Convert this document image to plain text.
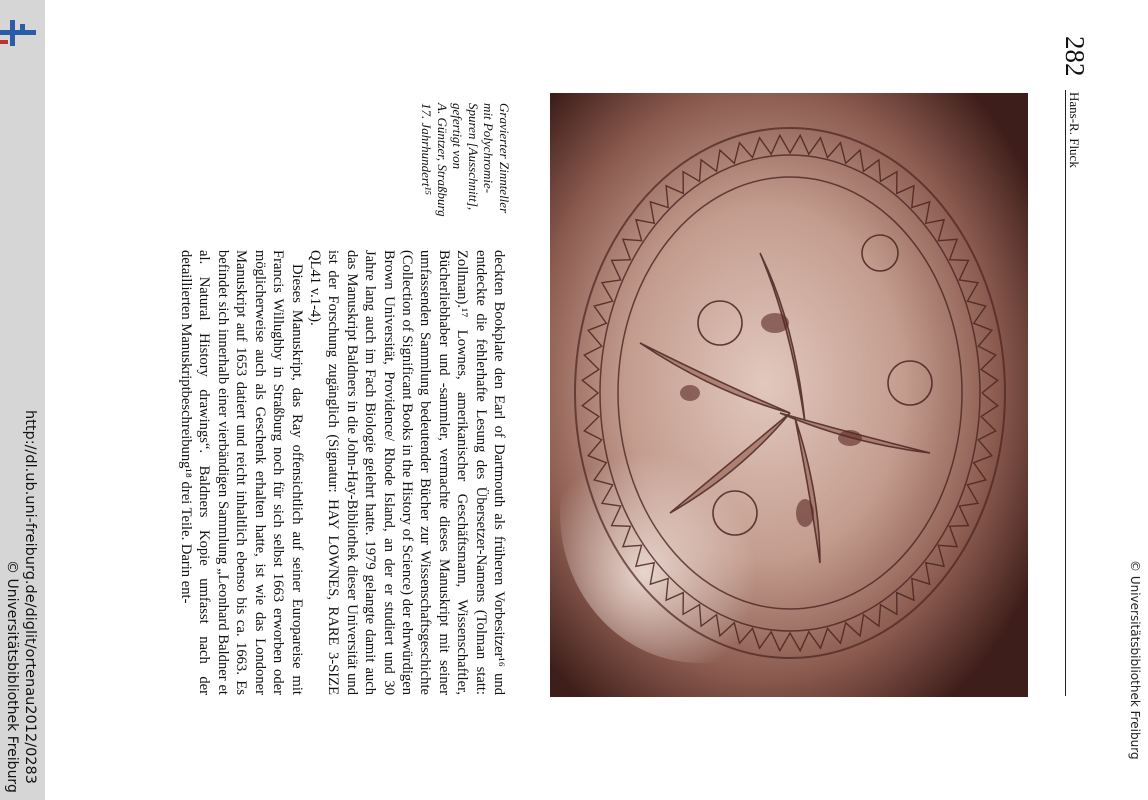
http://dl.ub.uni-freiburg.de/diglit/ortenau2012/0283
© Universitätsbibliothek Freiburg	© Universitätsbibliothek Freiburg
282
Hans-R. Fluck
Gravierter Zinnteller
mit Polychromie-
Spuren [Ausschnitt],
gefertigt von
A. Güntzer, Straßburg
17. Jahrhundert¹⁵

deckten Bookplate den Earl of Dartmouth als früheren Vorbesitzer¹⁶ und entdeckte die fehlerhafte Lesung des Übersetzer-Namens (Tolman statt: Zollman).¹⁷ Lownes, amerikanischer Geschäftsmann, Wissenschaftler, Bücherliebhaber und -sammler, vermachte dieses Manuskript mit seiner umfassenden Sammlung bedeutender Bücher zur Wissenschaftsgeschichte (Collection of Significant Books in the History of Science) der ehrwürdigen Brown Universität, Providence/ Rhode Island, an der er studiert und 30 Jahre lang auch im Fach Biologie gelehrt hatte. 1979 gelangte damit auch das Manuskript Baldners in die John-Hay-Bibliothek dieser Universität und ist der Forschung zugänglich (Signatur: HAY LOWNES, RARE 3-SIZE QL41 v.1-4).

Dieses Manuskript, das Ray offensichtlich auf seiner Europareise mit Francis Willughby in Straßburg noch für sich selbst 1663 erworben oder möglicherweise auch als Geschenk erhalten hatte, ist wie das Londoner Manuskript auf 1653 datiert und reicht inhaltlich ebenso bis ca. 1663. Es befindet sich innerhalb einer vierbändigen Sammlung „Leonhard Baldner et al. Natural History drawings“. Baldners Kopie umfasst nach der detaillierten Manuskriptbeschreibung¹⁸ drei Teile. Darin ent-
